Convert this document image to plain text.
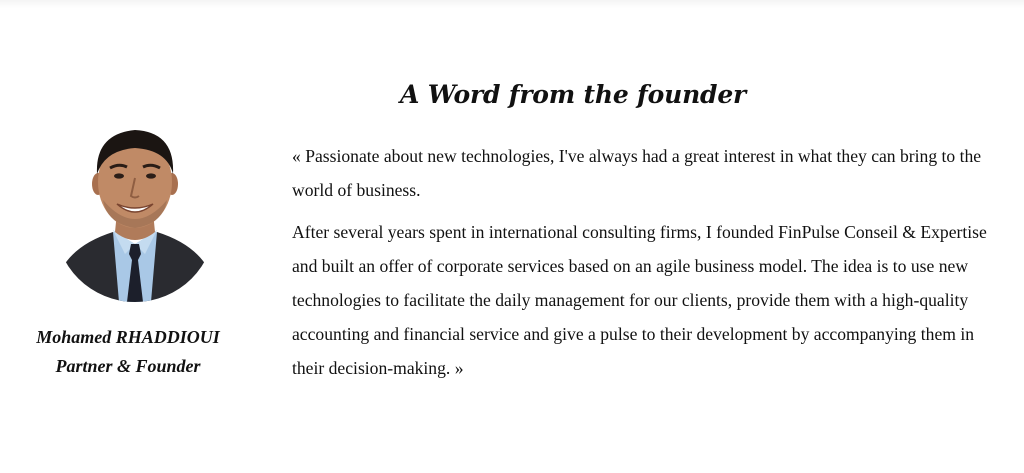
A Word from the founder
Mohamed RHADDIOUI
Partner & Founder

« Passionate about new technologies, I've always had a great interest in what they can bring to the world of business.

After several years spent in international consulting firms, I founded FinPulse Conseil & Expertise and built an offer of corporate services based on an agile business model. The idea is to use new technologies to facilitate the daily management for our clients, provide them with a high-quality accounting and financial service and give a pulse to their development by accompanying them in their decision-making. »
